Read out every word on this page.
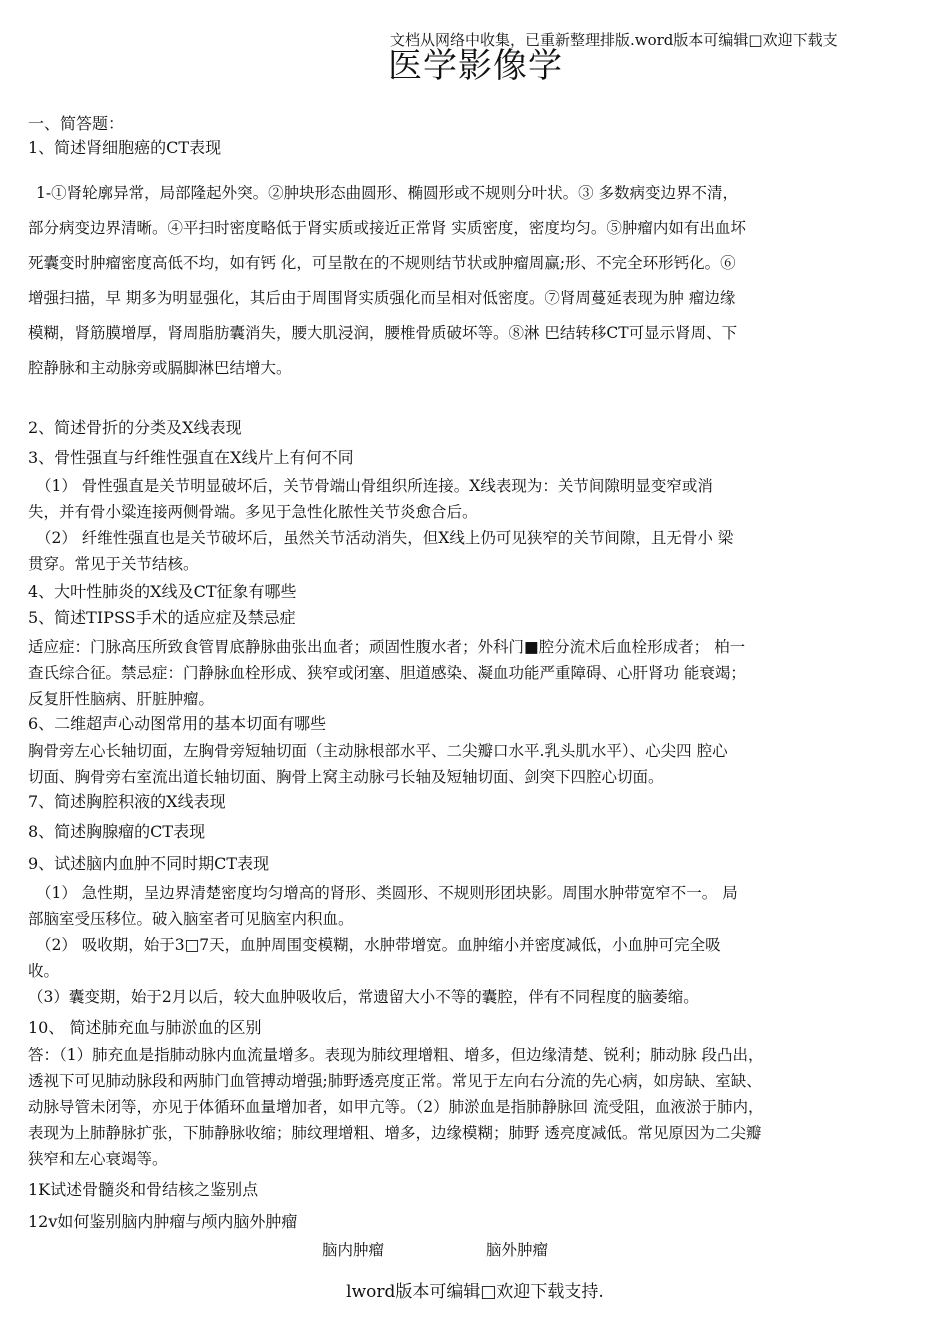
文档从网络中收集，已重新整理排版.word版本可编辑□欢迎下载支
医学影像学
一、简答题：
1、简述肾细胞癌的CT表现
1-①肾轮廓异常，局部隆起外突。②肿块形态曲圆形、椭圆形或不规则分叶状。③ 多数病变边界不清，
部分病变边界清晰。④平扫时密度略低于肾实质或接近正常肾 实质密度，密度均匀。⑤肿瘤内如有出血坏
死囊变时肿瘤密度高低不均，如有钙 化，可呈散在的不规则结节状或肿瘤周赢;形、不完全环形钙化。⑥
增强扫描，早 期多为明显强化，其后由于周围肾实质强化而呈相对低密度。⑦肾周蔓延表现为肿 瘤边缘
模糊，肾筋膜增厚，肾周脂肪囊消失，腰大肌浸润，腰椎骨质破坏等。⑧淋 巴结转移CT可显示肾周、下
腔静脉和主动脉旁或膈脚淋巴结增大。
2、简述骨折的分类及X线表现
3、骨性强直与纤维性强直在X线片上有何不同
（1） 骨性强直是关节明显破坏后，关节骨端山骨组织所连接。X线表现为：关节间隙明显变窄或消
失，并有骨小粱连接两侧骨端。多见于急性化脓性关节炎愈合后。
（2） 纤维性强直也是关节破坏后，虽然关节活动消失，但X线上仍可见狭窄的关节间隙，且无骨小 梁
贯穿。常见于关节结核。
4、大叶性肺炎的X线及CT征象有哪些
5、简述TIPSS手术的适应症及禁忌症
适应症：门脉高压所致食管胃底静脉曲张出血者；顽固性腹水者；外科门■腔分流术后血栓形成者； 柏一
查氏综合征。禁忌症：门静脉血栓形成、狭窄或闭塞、胆道感染、凝血功能严重障碍、心肝肾功 能衰竭；
反复肝性脑病、肝脏肿瘤。
6、二维超声心动图常用的基本切面有哪些
胸骨旁左心长轴切面，左胸骨旁短轴切面（主动脉根部水平、二尖瓣口水平.乳头肌水平）、心尖四 腔心
切面、胸骨旁右室流出道长轴切面、胸骨上窝主动脉弓长轴及短轴切面、剑突下四腔心切面。
7、简述胸腔积液的X线表现
8、简述胸腺瘤的CT表现
9、试述脑内血肿不同时期CT表现
（1） 急性期，呈边界清楚密度均匀增高的肾形、类圆形、不规则形团块影。周围水肿带宽窄不一。 局
部脑室受压移位。破入脑室者可见脑室内积血。
（2） 吸收期，始于3□7天，血肿周围变模糊，水肿带增宽。血肿缩小并密度减低，小血肿可完全吸
收。
（3）囊变期，始于2月以后，较大血肿吸收后，常遗留大小不等的囊腔，伴有不同程度的脑萎缩。
10、 简述肺充血与肺淤血的区别
答：（1）肺充血是指肺动脉内血流量增多。表现为肺纹理增粗、增多，但边缘清楚、锐利；肺动脉 段凸出，
透视下可见肺动脉段和两肺门血管搏动增强;肺野透亮度正常。常见于左向右分流的先心病，如房缺、室缺、
动脉导管未闭等，亦见于体循环血量增加者，如甲亢等。（2）肺淤血是指肺静脉回 流受阻，血液淤于肺内，
表现为上肺静脉扩张，下肺静脉收缩；肺纹理增粗、增多，边缘模糊；肺野 透亮度减低。常见原因为二尖瓣
狭窄和左心衰竭等。
1K试述骨髓炎和骨结核之鉴别点
12v如何鉴别脑内肿瘤与颅内脑外肿瘤
脑内肿瘤	脑外肿瘤
lword版本可编辑□欢迎下载支持.
